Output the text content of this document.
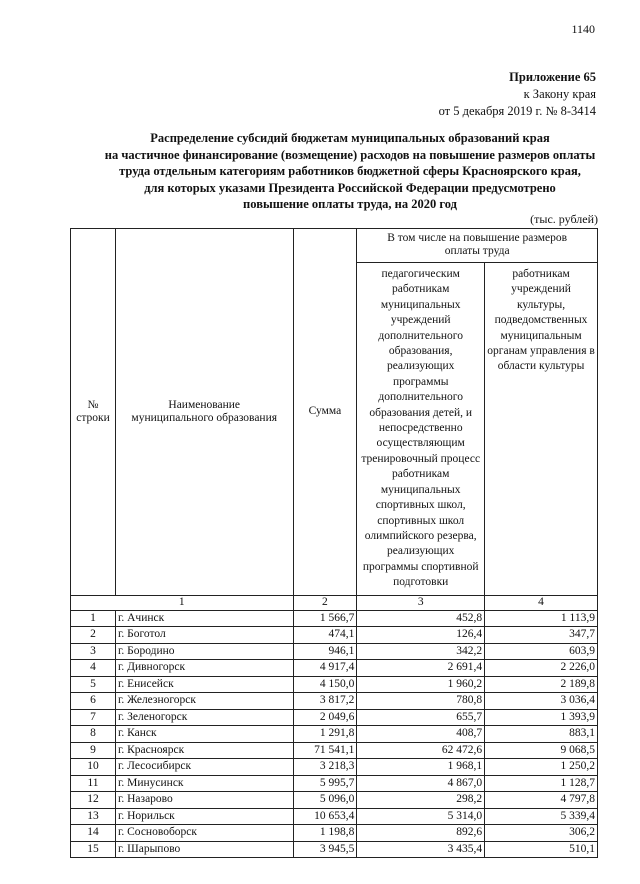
1140
Приложение 65
к Закону края
от 5 декабря 2019 г. № 8-3414
Распределение субсидий бюджетам муниципальных образований края
на частичное финансирование (возмещение) расходов на повышение размеров оплаты
труда отдельным категориям работников бюджетной сферы Красноярского края,
для которых указами Президента Российской Федерации предусмотрено
повышение оплаты труда, на 2020 год
(тыс. рублей)
№ строки	Наименование муниципального образования	Сумма	В том числе на повышение размеров оплаты труда	
			педагогическим работникам муниципальных учреждений дополнительного образования, реализующих программы дополнительного образования детей, и непосредственно осуществляющим тренировочный процесс работникам муниципальных спортивных школ, спортивных школ олимпийского резерва, реализующих программы спортивной подготовки	работникам учреждений культуры, подведомственных муниципальным органам управления в области культуры
1		2	3	4
1	г. Ачинск	1 566,7	452,8	1 113,9
2	г. Боготол	474,1	126,4	347,7
3	г. Бородино	946,1	342,2	603,9
4	г. Дивногорск	4 917,4	2 691,4	2 226,0
5	г. Енисейск	4 150,0	1 960,2	2 189,8
6	г. Железногорск	3 817,2	780,8	3 036,4
7	г. Зеленогорск	2 049,6	655,7	1 393,9
8	г. Канск	1 291,8	408,7	883,1
9	г. Красноярск	71 541,1	62 472,6	9 068,5
10	г. Лесосибирск	3 218,3	1 968,1	1 250,2
11	г. Минусинск	5 995,7	4 867,0	1 128,7
12	г. Назарово	5 096,0	298,2	4 797,8
13	г. Норильск	10 653,4	5 314,0	5 339,4
14	г. Сосновоборск	1 198,8	892,6	306,2
15	г. Шарыпово	3 945,5	3 435,4	510,1
